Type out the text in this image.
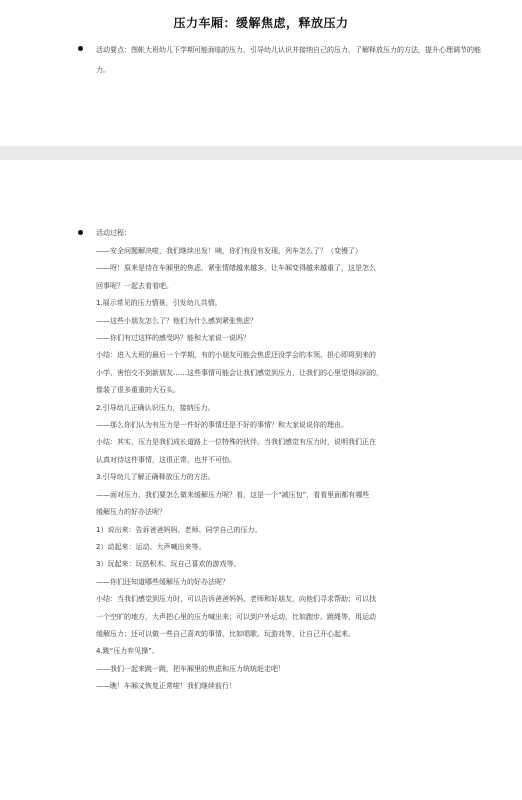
压力车厢：缓解焦虑，释放压力
活动要点：图帐大班幼儿下学期可能面临的压力，引导幼儿认识并接纳自己的压力，了解释放压力的方法，提升心理调节的能力。
活动过程：
——安全问题解决啦，我们继续出发！咦，你们有没有发现，列车怎么了？（变慢了）
——呀！原来是待在车厢里的焦虑、紧张情绪越来越多，让车厢变得越来越重了，这是怎么
回事呢？一起去看看吧。
1.展示常见的压力情景，引发幼儿共情。
——这些小朋友怎么了？他们为什么感到紧张焦虑？
——你们有过这样的感受吗？能和大家说一说吗？
小结：进入大班的最后一个学期，有的小朋友可能会焦虑还没学会的本领、担心即将到来的
小学、害怕交不到新朋友……这些事情可能会让我们感觉到压力，让我们的心里觉得闷闷的，
像装了很多重重的大石头。
2.引导幼儿正确认识压力，接纳压力。
——那么你们认为有压力是一件好的事情还是不好的事情？和大家说说你的理由。
小结：其实，压力是我们成长道路上一位特殊的伙伴，当我们感觉有压力时，说明我们正在
认真对待这件事情，这很正常，也并不可怕。
3.引导幼儿了解正确释放压力的方法。
——面对压力，我们要怎么做来缓解压力呢？看，这是一个“减压包”，看看里面都有哪些
缓解压力的好办法呢？
1）说出来：告诉爸爸妈妈、老师、同学自己的压力。
2）动起来：运动、大声喊出来等。
3）玩起来：玩搭积木、玩自己喜欢的游戏等。
——你们还知道哪些缓解压力的好办法呢？
小结：当我们感觉到压力时，可以告诉爸爸妈妈、老师和好朋友，向他们寻求帮助；可以找
一个空旷的地方，大声把心里的压力喊出来；可以到户外运动，比如跑步、跳绳等，用运动
缓解压力；还可以做一些自己喜欢的事情，比如唱歌、玩游戏等，让自己开心起来。
4.跳“压力弃见操”。
——我们一起来跳一跳，把车厢里的焦虑和压力统统赶走吧！
——瞧！车厢又恢复正常啦！我们继续前行！
